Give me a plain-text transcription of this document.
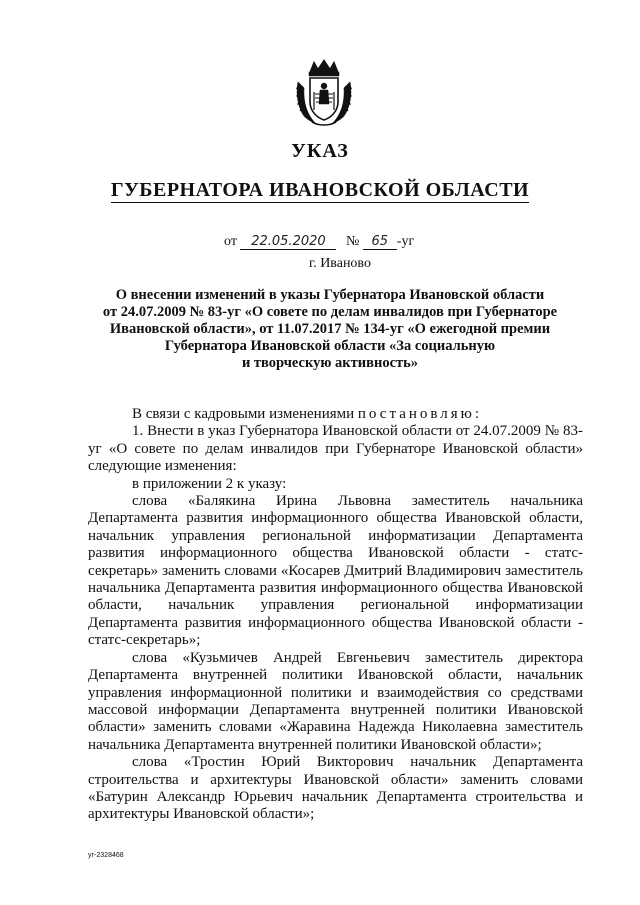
УКАЗ
ГУБЕРНАТОРА ИВАНОВСКОЙ ОБЛАСТИ
от 22.05.2020 № 65 -уг
г. Иваново
О внесении изменений в указы Губернатора Ивановской области
от 24.07.2009 № 83-уг «О совете по делам инвалидов при Губернаторе
Ивановской области», от 11.07.2017 № 134-уг «О ежегодной премии
Губернатора Ивановской области «За социальную
и творческую активность»
В связи с кадровыми изменениями постановляю:
1. Внести в указ Губернатора Ивановской области от 24.07.2009 № 83-уг «О совете по делам инвалидов при Губернаторе Ивановской области» следующие изменения:
в приложении 2 к указу:
слова «Балякина Ирина Львовна заместитель начальника Департамента развития информационного общества Ивановской области, начальник управления региональной информатизации Департамента развития информационного общества Ивановской области - статс-секретарь» заменить словами «Косарев Дмитрий Владимирович заместитель начальника Департамента развития информационного общества Ивановской области, начальник управления региональной информатизации Департамента развития информационного общества Ивановской области - статс-секретарь»;
слова «Кузьмичев Андрей Евгеньевич заместитель директора Департамента внутренней политики Ивановской области, начальник управления информационной политики и взаимодействия со средствами массовой информации Департамента внутренней политики Ивановской области» заменить словами «Жаравина Надежда Николаевна заместитель начальника Департамента внутренней политики Ивановской области»;
слова «Тростин Юрий Викторович начальник Департамента строительства и архитектуры Ивановской области» заменить словами «Батурин Александр Юрьевич начальник Департамента строительства и архитектуры Ивановской области»;
уг-2328468
